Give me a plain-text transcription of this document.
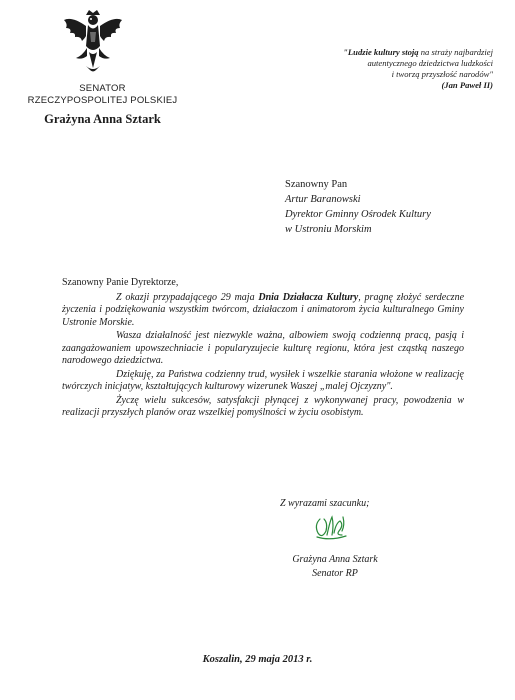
SENATOR
RZECZYPOSPOLITEJ POLSKIEJ
Grażyna Anna Sztark
"Ludzie kultury stoją na straży najbardziej
autentycznego dziedzictwa ludzkości
i tworzą przyszłość narodów"
(Jan Paweł II)
Szanowny Pan
Artur Baranowski
Dyrektor Gminny Ośrodek Kultury
w Ustroniu Morskim

Szanowny Panie Dyrektorze,

Z okazji przypadającego 29 maja Dnia Działacza Kultury, pragnę złożyć serdeczne życzenia i podziękowania wszystkim twórcom, działaczom i animatorom życia kulturalnego Gminy Ustronie Morskie.

Wasza działalność jest niezwykle ważna, albowiem swoją codzienną pracą, pasją i zaangażowaniem upowszechniacie i popularyzujecie kulturę regionu, która jest cząstką naszego narodowego dziedzictwa.

Dziękuję, za Państwa codzienny trud, wysiłek i wszelkie starania włożone w realizację twórczych inicjatyw, kształtujących kulturowy wizerunek Waszej „malej Ojczyzny".

Życzę wielu sukcesów, satysfakcji płynącej z wykonywanej pracy, powodzenia w realizacji przyszłych planów oraz wszelkiej pomyślności w życiu osobistym.

Z wyrazami szacunku;
Grażyna Anna Sztark
Senator RP
Koszalin, 29 maja 2013 r.
